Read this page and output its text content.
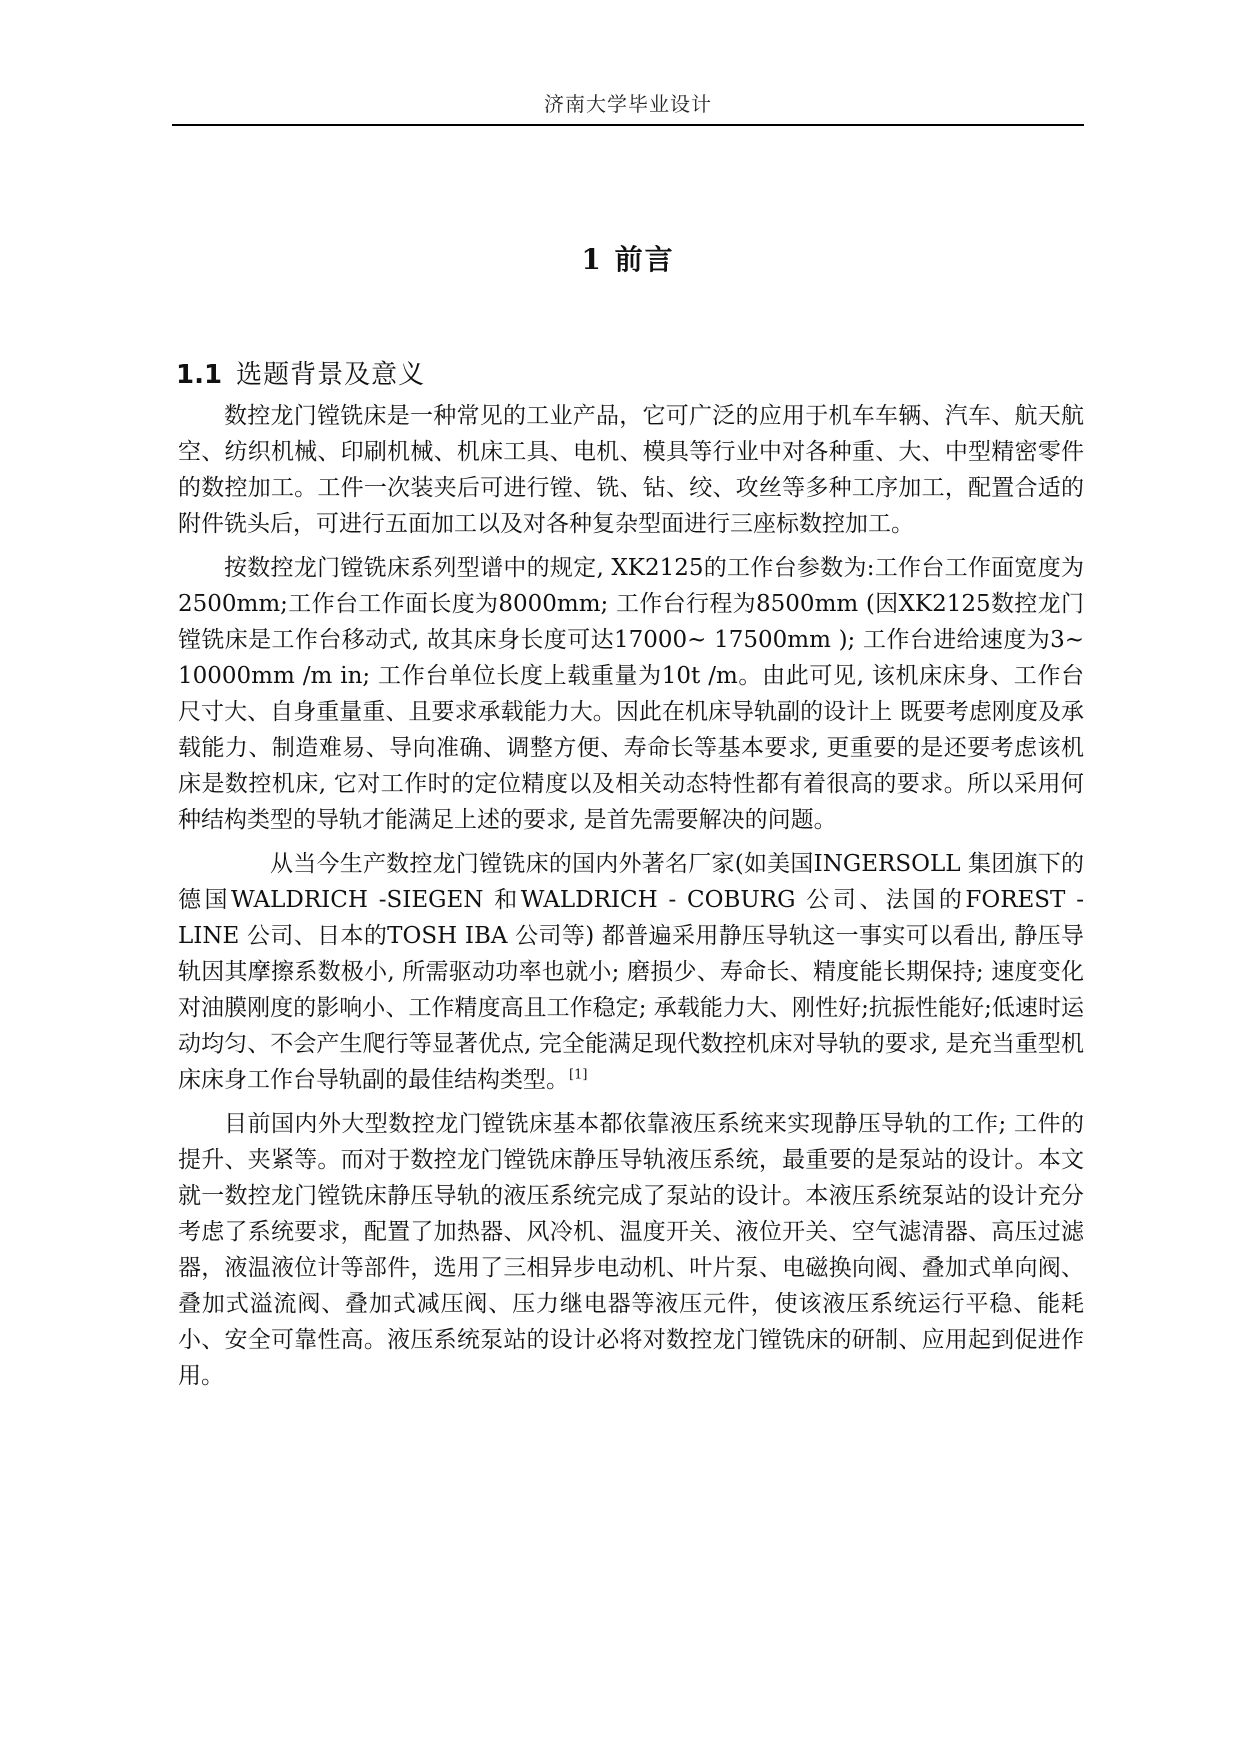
济南大学毕业设计
1 前言
1.1 选题背景及意义

数控龙门镗铣床是一种常见的工业产品，它可广泛的应用于机车车辆、汽车、航天航空、纺织机械、印刷机械、机床工具、电机、模具等行业中对各种重、大、中型精密零件的数控加工。工件一次装夹后可进行镗、铣、钻、绞、攻丝等多种工序加工，配置合适的附件铣头后，可进行五面加工以及对各种复杂型面进行三座标数控加工。

按数控龙门镗铣床系列型谱中的规定, XK2125的工作台参数为:工作台工作面宽度为2500mm;工作台工作面长度为8000mm; 工作台行程为8500mm (因XK2125数控龙门镗铣床是工作台移动式, 故其床身长度可达17000~ 17500mm ); 工作台进给速度为3~ 10000mm /m in; 工作台单位长度上载重量为10t /m。由此可见, 该机床床身、工作台尺寸大、自身重量重、且要求承载能力大。因此在机床导轨副的设计上 既要考虑刚度及承载能力、制造难易、导向准确、调整方便、寿命长等基本要求, 更重要的是还要考虑该机床是数控机床, 它对工作时的定位精度以及相关动态特性都有着很高的要求。所以采用何种结构类型的导轨才能满足上述的要求, 是首先需要解决的问题。

从当今生产数控龙门镗铣床的国内外著名厂家(如美国INGERSOLL 集团旗下的德国WALDRICH -SIEGEN 和WALDRICH - COBURG 公司、法国的FOREST - LINE 公司、日本的TOSH IBA 公司等) 都普遍采用静压导轨这一事实可以看出, 静压导轨因其摩擦系数极小, 所需驱动功率也就小; 磨损少、寿命长、精度能长期保持; 速度变化对油膜刚度的影响小、工作精度高且工作稳定; 承载能力大、刚性好;抗振性能好;低速时运动均匀、不会产生爬行等显著优点, 完全能满足现代数控机床对导轨的要求, 是充当重型机床床身工作台导轨副的最佳结构类型。[1]

目前国内外大型数控龙门镗铣床基本都依靠液压系统来实现静压导轨的工作; 工件的提升、夹紧等。而对于数控龙门镗铣床静压导轨液压系统，最重要的是泵站的设计。本文就一数控龙门镗铣床静压导轨的液压系统完成了泵站的设计。本液压系统泵站的设计充分考虑了系统要求，配置了加热器、风冷机、温度开关、液位开关、空气滤清器、高压过滤器，液温液位计等部件，选用了三相异步电动机、叶片泵、电磁换向阀、叠加式单向阀、叠加式溢流阀、叠加式减压阀、压力继电器等液压元件，使该液压系统运行平稳、能耗小、安全可靠性高。液压系统泵站的设计必将对数控龙门镗铣床的研制、应用起到促进作用。
